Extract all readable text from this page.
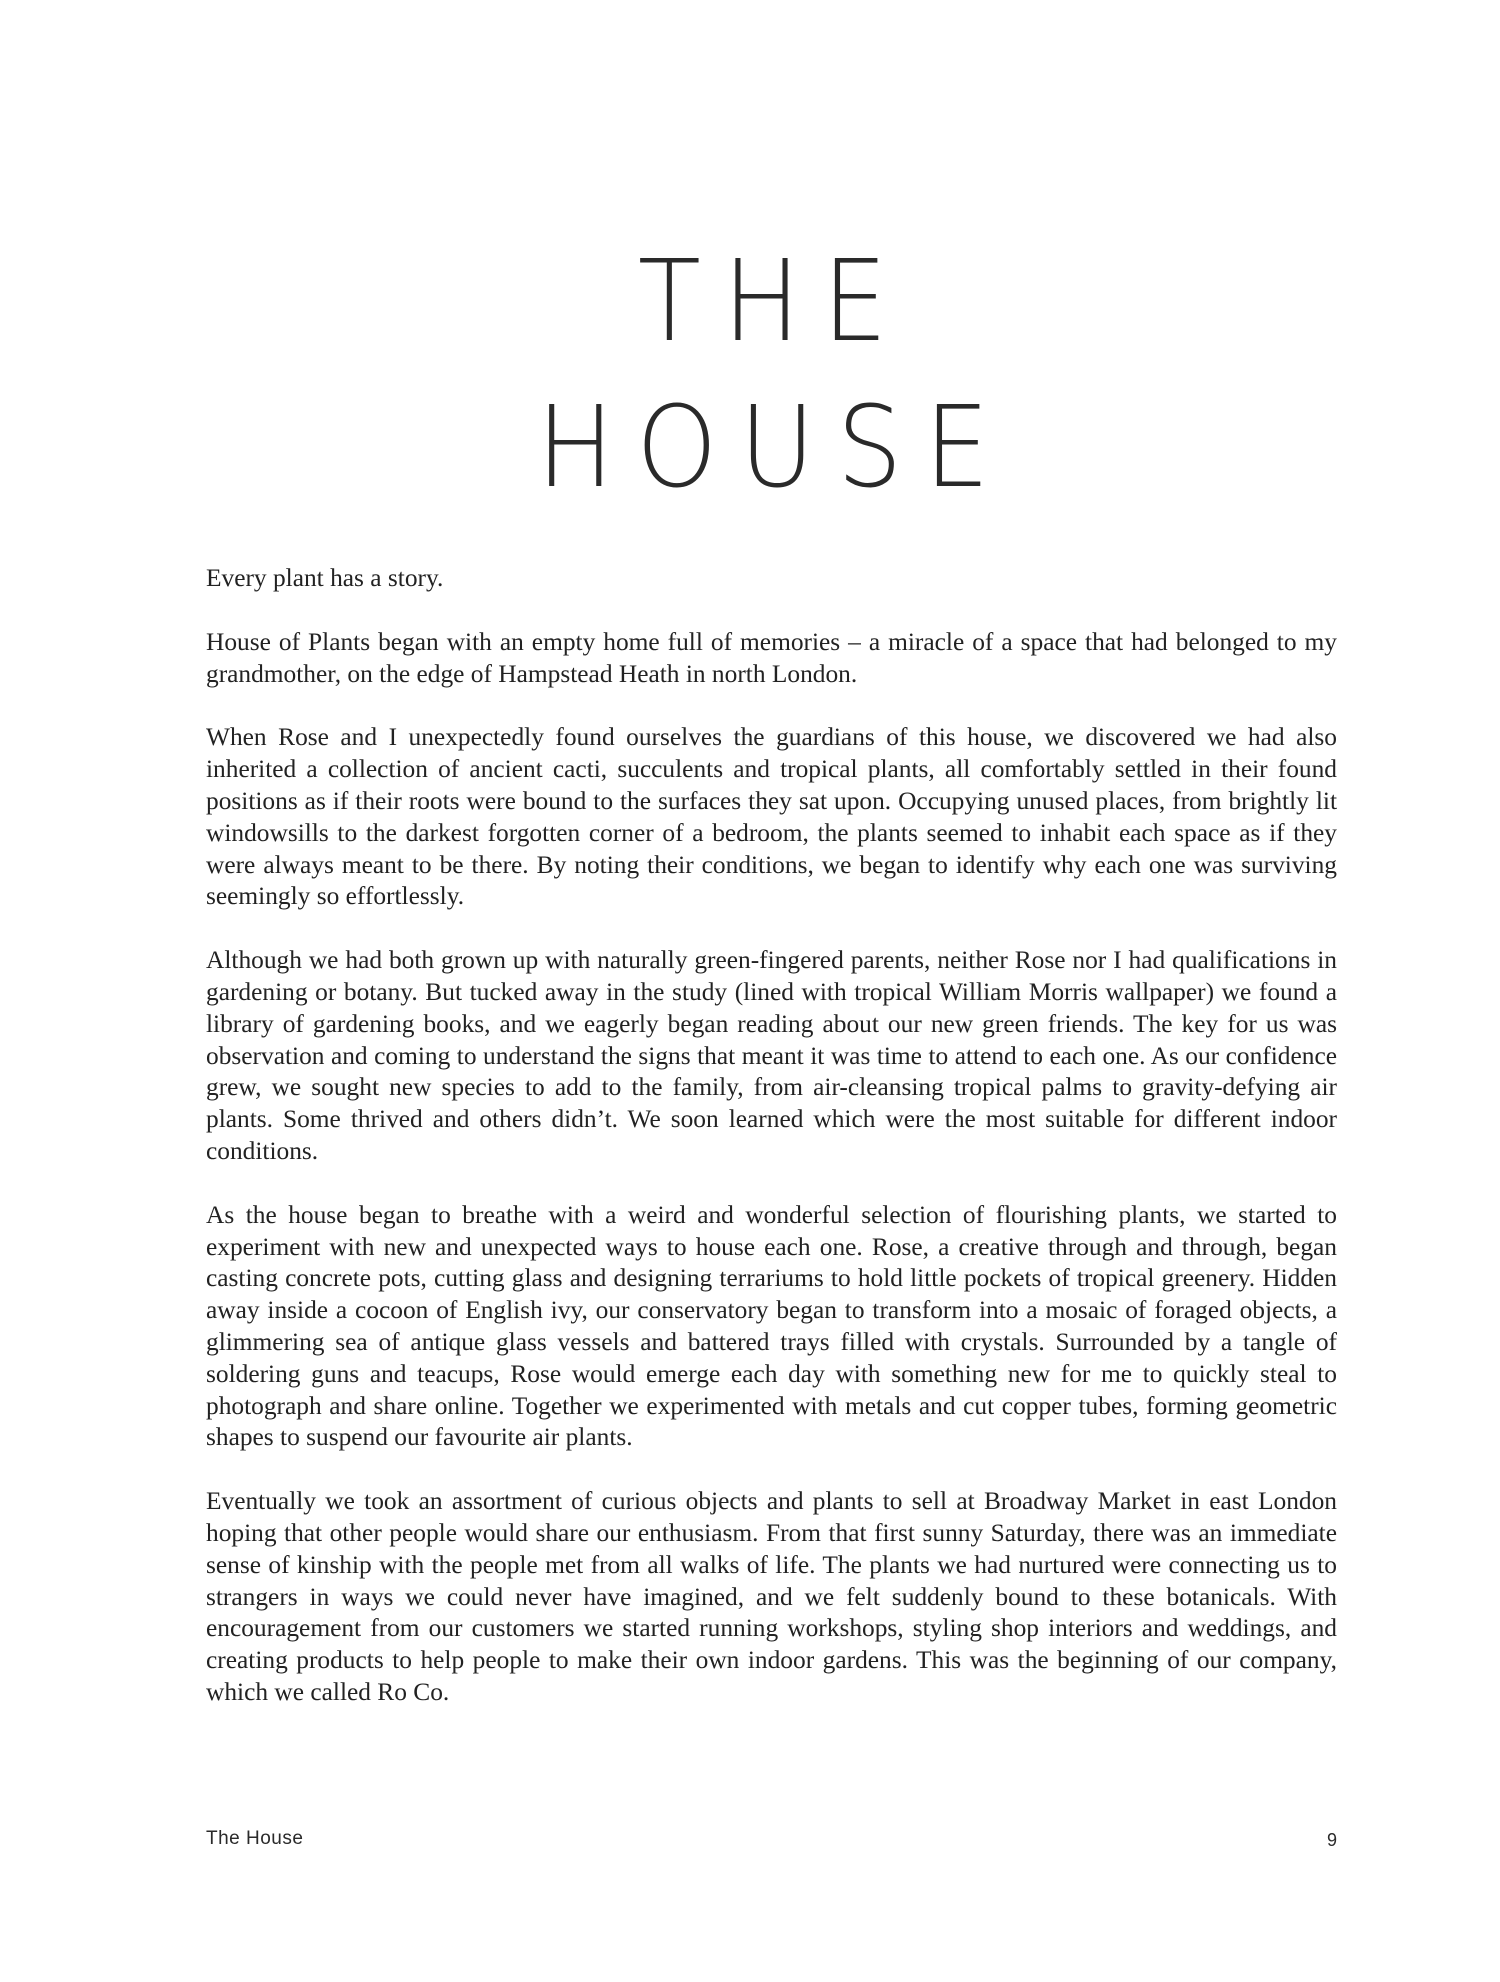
THE
HOUSE

Every plant has a story.

House of Plants began with an empty home full of memories – a miracle of a space that had belonged to my grandmother, on the edge of Hampstead Heath in north London.

When Rose and I unexpectedly found ourselves the guardians of this house, we discovered we had also inherited a collection of ancient cacti, succulents and tropical plants, all comfortably settled in their found positions as if their roots were bound to the surfaces they sat upon. Occupying unused places, from brightly lit windowsills to the darkest forgotten corner of a bedroom, the plants seemed to inhabit each space as if they were always meant to be there. By noting their conditions, we began to identify why each one was surviving seemingly so effortlessly.

Although we had both grown up with naturally green-fingered parents, neither Rose nor I had qualifications in gardening or botany. But tucked away in the study (lined with tropical William Morris wallpaper) we found a library of gardening books, and we eagerly began reading about our new green friends. The key for us was observation and coming to understand the signs that meant it was time to attend to each one. As our confidence grew, we sought new species to add to the family, from air-cleansing tropical palms to gravity-defying air plants. Some thrived and others didn’t. We soon learned which were the most suitable for different indoor conditions.

As the house began to breathe with a weird and wonderful selection of flourishing plants, we started to experiment with new and unexpected ways to house each one. Rose, a creative through and through, began casting concrete pots, cutting glass and designing terrariums to hold little pockets of tropical greenery. Hidden away inside a cocoon of English ivy, our conservatory began to transform into a mosaic of foraged objects, a glimmering sea of antique glass vessels and battered trays filled with crystals. Surrounded by a tangle of soldering guns and teacups, Rose would emerge each day with something new for me to quickly steal to photograph and share online. Together we experimented with metals and cut copper tubes, forming geometric shapes to suspend our favourite air plants.

Eventually we took an assortment of curious objects and plants to sell at Broadway Market in east London hoping that other people would share our enthusiasm. From that first sunny Saturday, there was an immediate sense of kinship with the people met from all walks of life. The plants we had nurtured were connecting us to strangers in ways we could never have imagined, and we felt suddenly bound to these botanicals. With encouragement from our customers we started running workshops, styling shop interiors and weddings, and creating products to help people to make their own indoor gardens. This was the beginning of our company, which we called Ro Co.

The House	9
